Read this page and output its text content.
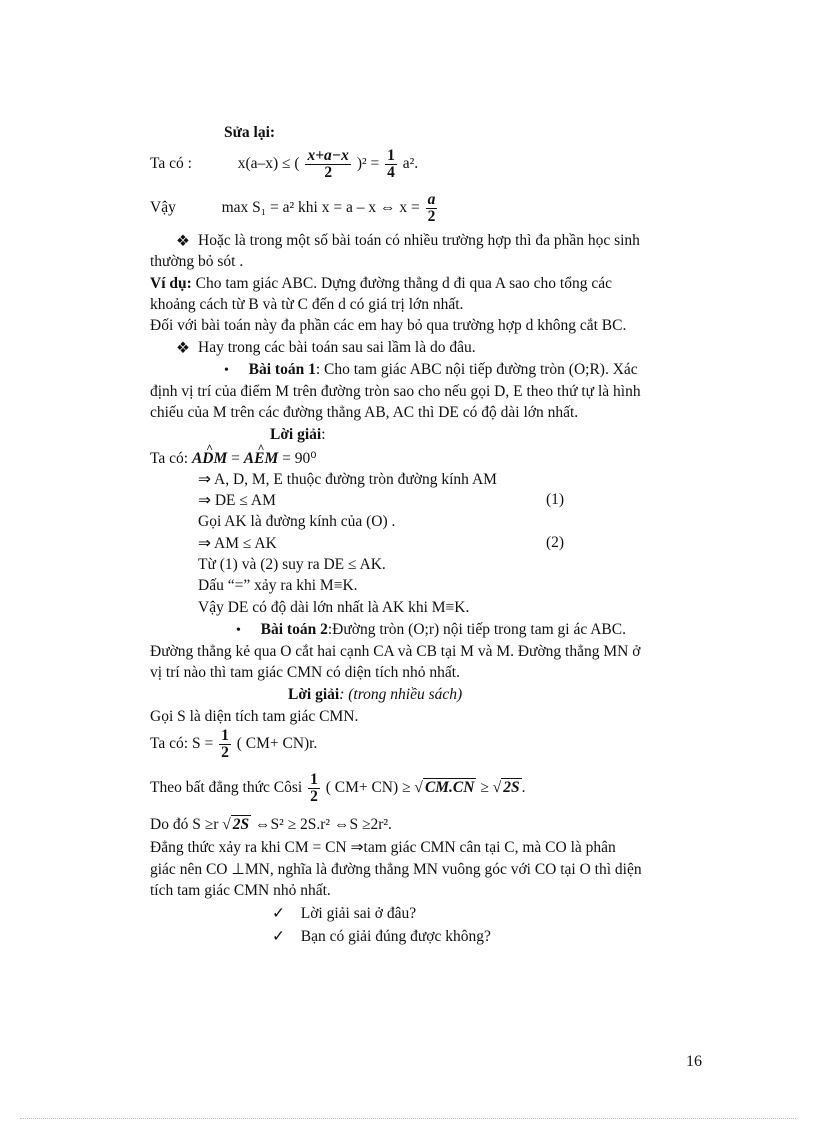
Sửa lại:
Ta có :	x(a–x) ≤ ( $\frac{x+a-x}{2} )^2 = \frac{1}{4} a^2$.
Vậy	max S₁ = a² khi x = a – x ⇔ $x = \frac{a}{2}$
❖ Hoặc là trong một số bài toán có nhiều trường hợp thì đa phần học sinh
thường bỏ sót .
Ví dụ: Cho tam giác ABC. Dựng đường thẳng d đi qua A sao cho tổng các
khoảng cách từ B và từ C đến d có giá trị lớn nhất.
Đối với bài toán này đa phần các em hay bỏ qua trường hợp d không cắt BC.
❖ Hay trong các bài toán sau sai lầm là do đâu.
• Bài toán 1: Cho tam giác ABC nội tiếp đường tròn (O;R). Xác
định vị trí của điểm M trên đường tròn sao cho nếu gọi D, E theo thứ tự là hình
chiếu của M trên các đường thẳng AB, AC thì DE có độ dài lớn nhất.
Lời giải:
Ta có: ^ ADM = ^ AEM = 90⁰
⇒ A, D, M, E thuộc đường tròn đường kính AM
⇒ DE ≤ AM	(1)
Gọi AK là đường kính của (O) .
⇒ AM ≤ AK	(2)
Từ (1) và (2) suy ra DE ≤ AK.
Dấu “=” xảy ra khi M≡K.
Vậy DE có độ dài lớn nhất là AK khi M≡K.
• Bài toán 2:Đường tròn (O;r) nội tiếp trong tam gi ác ABC.
Đường thẳng kẻ qua O cắt hai cạnh CA và CB tại M và M. Đường thẳng MN ở
vị trí nào thì tam giác CMN có diện tích nhỏ nhất.
Lời giải: (trong nhiều sách)
Gọi S là diện tích tam giác CMN.
Ta có: $S = \frac{1}{2}$ ( CM+ CN)r.
Theo bất đẳng thức Côsi $\frac{1}{2}$ ( CM+ CN) ≥ √ CM.CN ≥ √ 2S .
Do đó S ≥r √ 2S ⇔S² ≥ 2S.r² ⇔S ≥2r².
Đẳng thức xảy ra khi CM = CN ⇒tam giác CMN cân tại C, mà CO là phân
giác nên CO ⊥MN, nghĩa là đường thẳng MN vuông góc với CO tại O thì diện
tích tam giác CMN nhỏ nhất.
✓ Lời giải sai ở đâu?
✓ Bạn có giải đúng được không?
16
